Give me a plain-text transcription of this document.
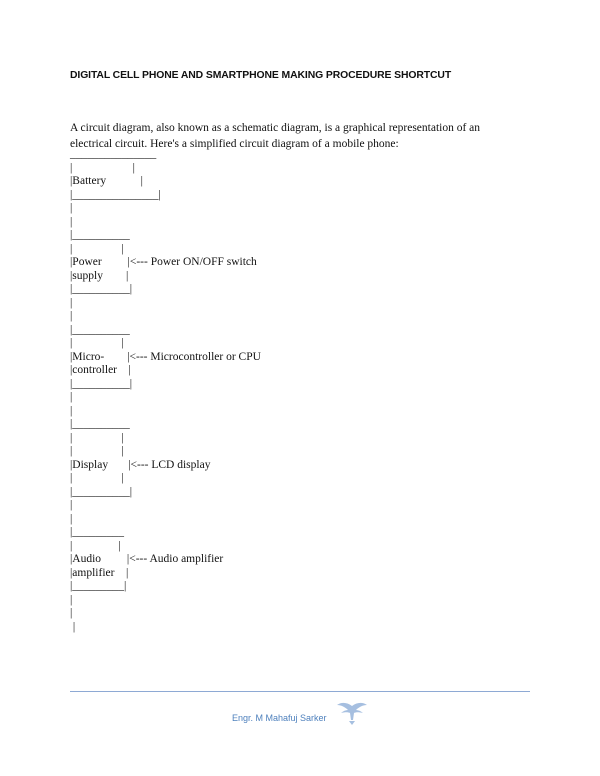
DIGITAL CELL PHONE AND SMARTPHONE MAKING PROCEDURE SHORTCUT

A circuit diagram, also known as a schematic diagram, is a graphical representation of an electrical circuit. Here's a simplified circuit diagram of a mobile phone:

_______________
|                     |
|Battery            |
|_______________|
|
|
|__________
|                 |
|Power         |<--- Power ON/OFF switch
|supply        |
|__________|
|
|
|__________
|                 |
|Micro-        |<--- Microcontroller or CPU
|controller    |
|__________|
|
|
|__________
|                 |
|                 |
|Display       |<--- LCD display
|                 |
|__________|
|
|
|_________
|                |
|Audio         |<--- Audio amplifier
|amplifier    |
|_________|
|
|
|
Engr. M Mahafuj Sarker
